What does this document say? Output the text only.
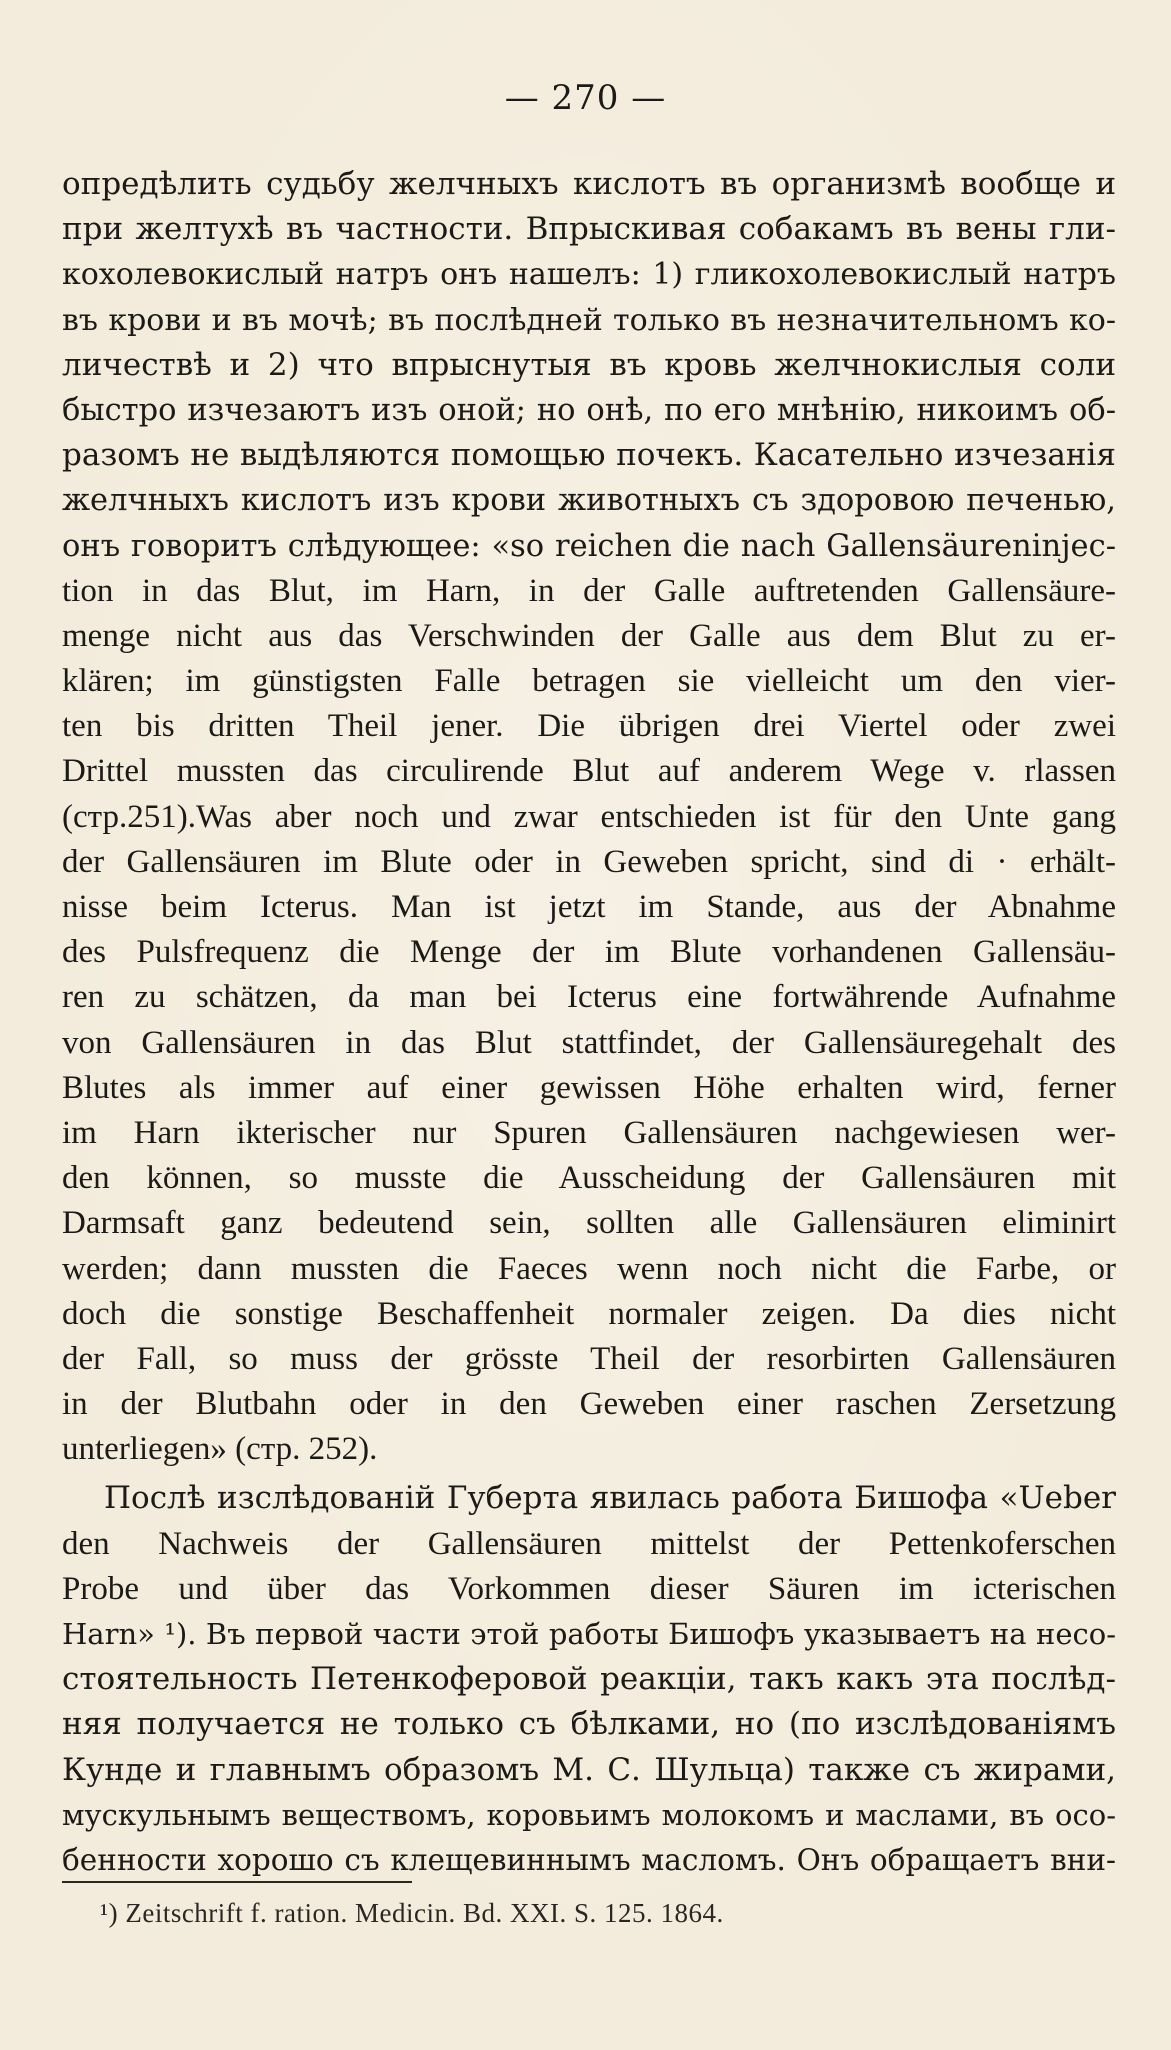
— 270 —
опредѣлить судьбу желчныхъ кислотъ въ организмѣ вообще и
при желтухѣ въ частности. Впрыскивая собакамъ въ вены гли-
кохолевокислый натръ онъ нашелъ: 1) гликохолевокислый натръ
въ крови и въ мочѣ; въ послѣдней только въ незначительномъ ко-
личествѣ и 2) что впрыснутыя въ кровь желчнокислыя соли
быстро изчезаютъ изъ оной; но онѣ, по его мнѣнію, никоимъ об-
разомъ не выдѣляются помощью почекъ. Касательно изчезанія
желчныхъ кислотъ изъ крови животныхъ съ здоровою печенью,
онъ говоритъ слѣдующее: «so reichen die nach Gallensäureninjec-
tion in das Blut, im Harn, in der Galle auftretenden Gallensäure-
menge nicht aus das Verschwinden der Galle aus dem Blut zu er-
klären; im günstigsten Falle betragen sie vielleicht um den vier-
ten bis dritten Theil jener. Die übrigen drei Viertel oder zwei
Drittel mussten das circulirende Blut auf anderem Wege v. rlassen
(стр.251).Was aber noch und zwar entschieden ist für den Unte gang
der Gallensäuren im Blute oder in Geweben spricht, sind di · erhält-
nisse beim Icterus. Man ist jetzt im Stande, aus der Abnahme
des Pulsfrequenz die Menge der im Blute vorhandenen Gallensäu-
ren zu schätzen, da man bei Icterus eine fortwährende Aufnahme
von Gallensäuren in das Blut stattfindet, der Gallensäuregehalt des
Blutes als immer auf einer gewissen Höhe erhalten wird, ferner
im Harn ikterischer nur Spuren Gallensäuren nachgewiesen wer-
den können, so musste die Ausscheidung der Gallensäuren mit
Darmsaft ganz bedeutend sein, sollten alle Gallensäuren eliminirt
werden; dann mussten die Faeces wenn noch nicht die Farbe, or
doch die sonstige Beschaffenheit normaler zeigen. Da dies nicht
der Fall, so muss der grösste Theil der resorbirten Gallensäuren
in der Blutbahn oder in den Geweben einer raschen Zersetzung
unterliegen» (стр. 252).
Послѣ изслѣдованій Губерта явилась работа Бишофа «Ueber
den Nachweis der Gallensäuren mittelst der Pettenkoferschen
Probe und über das Vorkommen dieser Säuren im icterischen
Harn» ¹). Въ первой части этой работы Бишофъ указываетъ на несо-
стоятельность Петенкоферовой реакціи, такъ какъ эта послѣд-
няя получается не только съ бѣлками, но (по изслѣдованіямъ
Кунде и главнымъ образомъ М. С. Шульца) также съ жирами,
мускульнымъ веществомъ, коровьимъ молокомъ и маслами, въ осо-
бенности хорошо съ клещевиннымъ масломъ. Онъ обращаетъ вни-
¹) Zeitschrift f. ration. Medicin. Bd. XXI. S. 125. 1864.
